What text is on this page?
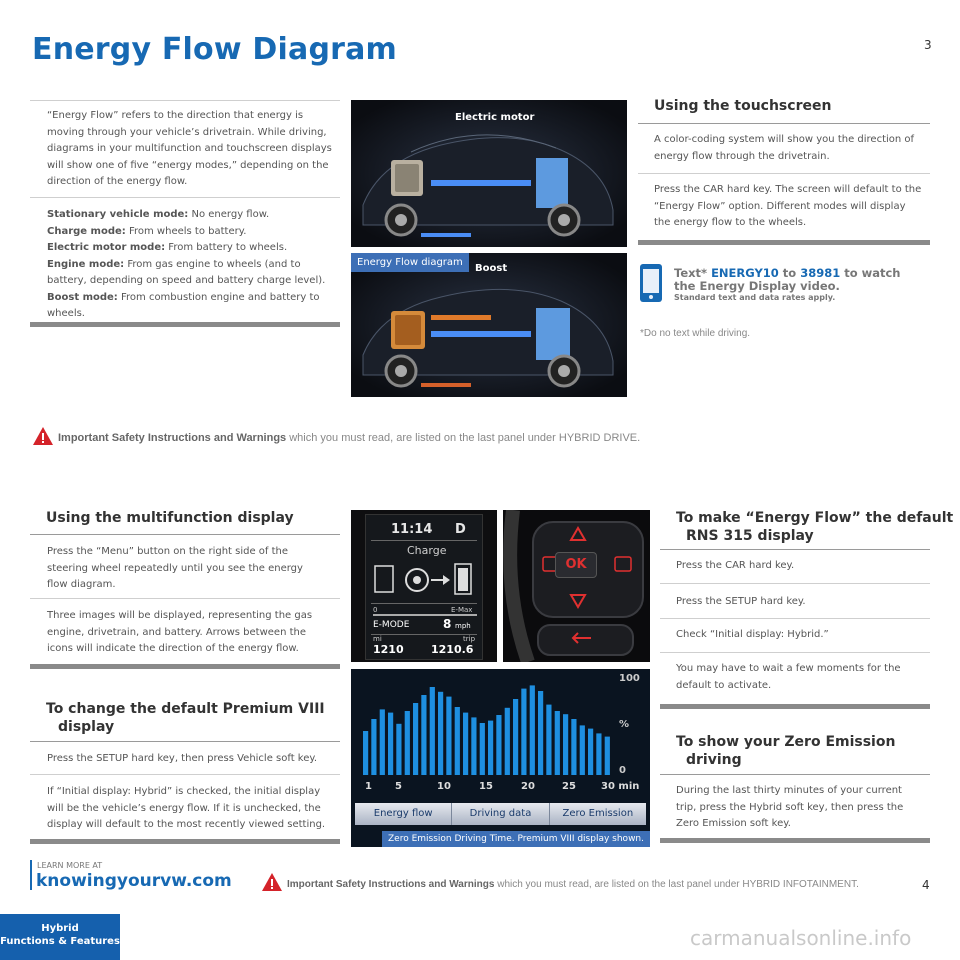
Energy Flow Diagram	3
“Energy Flow” refers to the direction that energy is moving through your vehicle’s drivetrain. While driving, diagrams in your multifunction and touchscreen displays will show one of five “energy modes,” depending on the direction of the energy flow.
Stationary vehicle mode: No energy flow.
Charge mode: From wheels to battery.
Electric motor mode: From battery to wheels.
Engine mode: From gas engine to wheels (and to battery, depending on speed and battery charge level).
Boost mode: From combustion engine and battery to wheels.
Electric motor
Energy Flow diagram
Boost
Using the touchscreen
A color-coding system will show you the direction of energy flow through the drivetrain.
Press the CAR hard key. The screen will default to the “Energy Flow” option. Different modes will display the energy flow to the wheels.
Text* ENERGY10 to 38981 to watch
the Energy Display video.
Standard text and data rates apply.
*Do no text while driving.
Important Safety Instructions and Warnings which you must read, are listed on the last panel under HYBRID DRIVE.
Using the multifunction display
Press the “Menu” button on the right side of the steering wheel repeatedly until you see the energy flow diagram.
Three images will be displayed, representing the gas engine, drivetrain, and battery. Arrows between the icons will indicate the direction of the energy flow.
To change the default Premium VIII
display
Press the SETUP hard key, then press Vehicle soft key.
If “Initial display: Hybrid” is checked, the initial display will be the vehicle’s energy flow. If it is unchecked, the display will default to the most recently viewed setting.
11:14 D
Charge
0	E-Max
E-MODE	8 mph
mi	trip
1210 1210.6
OK
100
%
0
1 5	10	15	20	25	30 min
Energy flow	Driving data	Zero Emission
Zero Emission Driving Time. Premium VIII display shown.
To make “Energy Flow” the default
RNS 315 display
Press the CAR hard key.
Press the SETUP hard key.
Check “Initial display: Hybrid.”
You may have to wait a few moments for the default to activate.
To show your Zero Emission
driving
During the last thirty minutes of your current trip, press the Hybrid soft key, then press the Zero Emission soft key.
LEARN MORE AT
knowingyourvw.com	Important Safety Instructions and Warnings which you must read, are listed on the last panel under HYBRID INFOTAINMENT.	4
Hybrid
Functions & Features	carmanualsonline.info
